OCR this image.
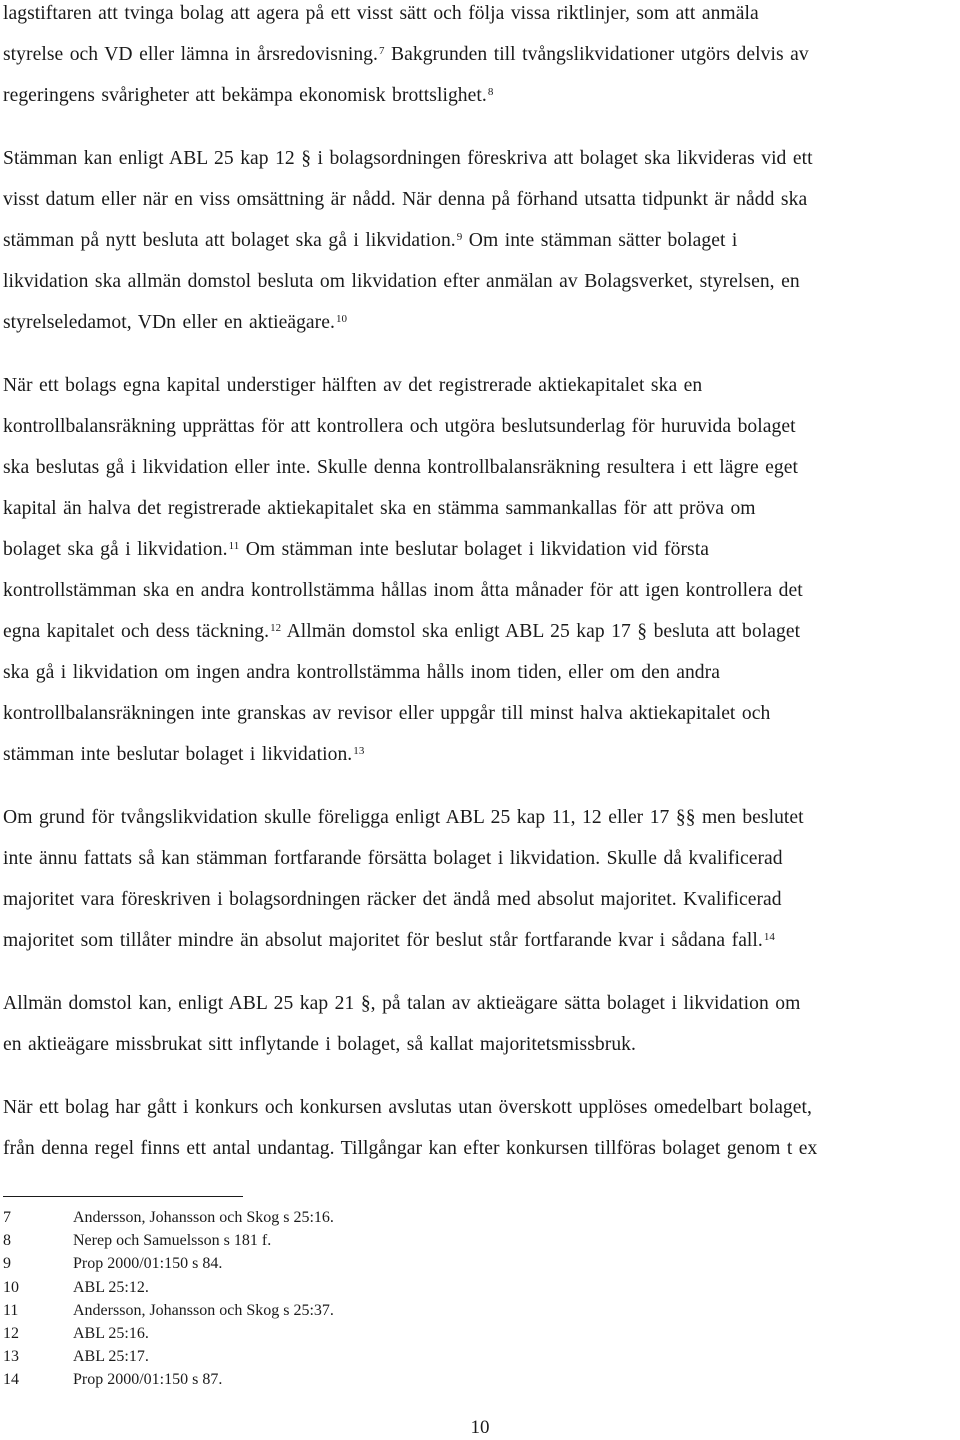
lagstiftaren att tvinga bolag att agera på ett visst sätt och följa vissa riktlinjer, som att anmäla
styrelse och VD eller lämna in årsredovisning.$^7$ Bakgrunden till tvångslikvidationer utgörs delvis av
regeringens svårigheter att bekämpa ekonomisk brottslighet.$^8$
Stämman kan enligt ABL 25 kap 12 § i bolagsordningen föreskriva att bolaget ska likvideras vid ett
visst datum eller när en viss omsättning är nådd. När denna på förhand utsatta tidpunkt är nådd ska
stämman på nytt besluta att bolaget ska gå i likvidation.$^9$ Om inte stämman sätter bolaget i
likvidation ska allmän domstol besluta om likvidation efter anmälan av Bolagsverket, styrelsen, en
styrelseledamot, VDn eller en aktieägare.$^{10}$
När ett bolags egna kapital understiger hälften av det registrerade aktiekapitalet ska en
kontrollbalansräkning upprättas för att kontrollera och utgöra beslutsunderlag för huruvida bolaget
ska beslutas gå i likvidation eller inte. Skulle denna kontrollbalansräkning resultera i ett lägre eget
kapital än halva det registrerade aktiekapitalet ska en stämma sammankallas för att pröva om
bolaget ska gå i likvidation.$^{11}$ Om stämman inte beslutar bolaget i likvidation vid första
kontrollstämman ska en andra kontrollstämma hållas inom åtta månader för att igen kontrollera det
egna kapitalet och dess täckning.$^{12}$ Allmän domstol ska enligt ABL 25 kap 17 § besluta att bolaget
ska gå i likvidation om ingen andra kontrollstämma hålls inom tiden, eller om den andra
kontrollbalansräkningen inte granskas av revisor eller uppgår till minst halva aktiekapitalet och
stämman inte beslutar bolaget i likvidation.$^{13}$
Om grund för tvångslikvidation skulle föreligga enligt ABL 25 kap 11, 12 eller 17 §§ men beslutet
inte ännu fattats så kan stämman fortfarande försätta bolaget i likvidation. Skulle då kvalificerad
majoritet vara föreskriven i bolagsordningen räcker det ändå med absolut majoritet. Kvalificerad
majoritet som tillåter mindre än absolut majoritet för beslut står fortfarande kvar i sådana fall.$^{14}$
Allmän domstol kan, enligt ABL 25 kap 21 §, på talan av aktieägare sätta bolaget i likvidation om
en aktieägare missbrukat sitt inflytande i bolaget, så kallat majoritetsmissbruk.
När ett bolag har gått i konkurs och konkursen avslutas utan överskott upplöses omedelbart bolaget,
från denna regel finns ett antal undantag. Tillgångar kan efter konkursen tillföras bolaget genom t ex
7	Andersson, Johansson och Skog s 25:16.
8	Nerep och Samuelsson s 181 f.
9	Prop 2000/01:150 s 84.
10	ABL 25:12.
11	Andersson, Johansson och Skog s 25:37.
12	ABL 25:16.
13	ABL 25:17.
14	Prop 2000/01:150 s 87.
10
